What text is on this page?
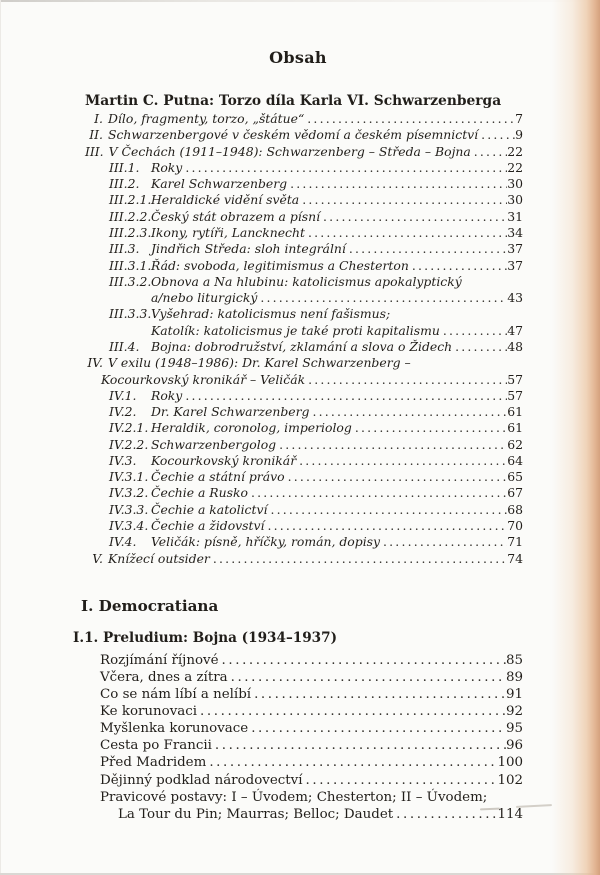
Obsah
Martin C. Putna: Torzo díla Karla VI. Schwarzenberga
I. Dílo, fragmenty, torzo, „štátue“ .....	7
II. Schwarzenbergové v českém vědomí a českém písemnictví .....	9
III. V Čechách (1911–1948): Schwarzenberg – Středa – Bojna .....	22
III.1. Roky .....	22
III.2. Karel Schwarzenberg .....	30
III.2.1. Heraldické vidění světa .....	30
III.2.2. Český stát obrazem a písní .....	31
III.2.3. Ikony, rytíři, Lancknecht .....	34
III.3. Jindřich Středa: sloh integrální .....	37
III.3.1. Řád: svoboda, legitimismus a Chesterton .....	37
III.3.2. Obnova a Na hlubinu: katolicismus apokalyptický
a/nebo liturgický .....	43
III.3.3. Vyšehrad: katolicismus není fašismus;
Katolík: katolicismus je také proti kapitalismu .....	47
III.4. Bojna: dobrodružství, zklamání a slova o Židech .....	48
IV. V exilu (1948–1986): Dr. Karel Schwarzenberg –
Kocourkovský kronikář – Veličák .....	57
IV.1.	Roky .....	57
IV.2.	Dr. Karel Schwarzenberg .....	61
IV.2.1. Heraldik, coronolog, imperiolog .....	61
IV.2.2. Schwarzenbergolog .....	62
IV.3.	Kocourkovský kronikář .....	64
IV.3.1. Čechie a státní právo .....	65
IV.3.2. Čechie a Rusko .....	67
IV.3.3. Čechie a katolictví .....	68
IV.3.4. Čechie a židovství .....	70
IV.4.	Veličák: písně, hříčky, román, dopisy .....	71
V. Knížecí outsider .....	74
I. Democratiana
I.1. Preludium: Bojna (1934–1937)
Rozjímání říjnové .....	85
Včera, dnes a zítra .....	89
Co se nám líbí a nelíbí .....	91
Ke korunovaci .....	92
Myšlenka korunovace .....	95
Cesta po Francii .....	96
Před Madridem .....	100
Dějinný podklad národovectví .....	102
Pravicové postavy: I – Úvodem; Chesterton; II – Úvodem;
La Tour du Pin; Maurras; Belloc; Daudet .....	114
